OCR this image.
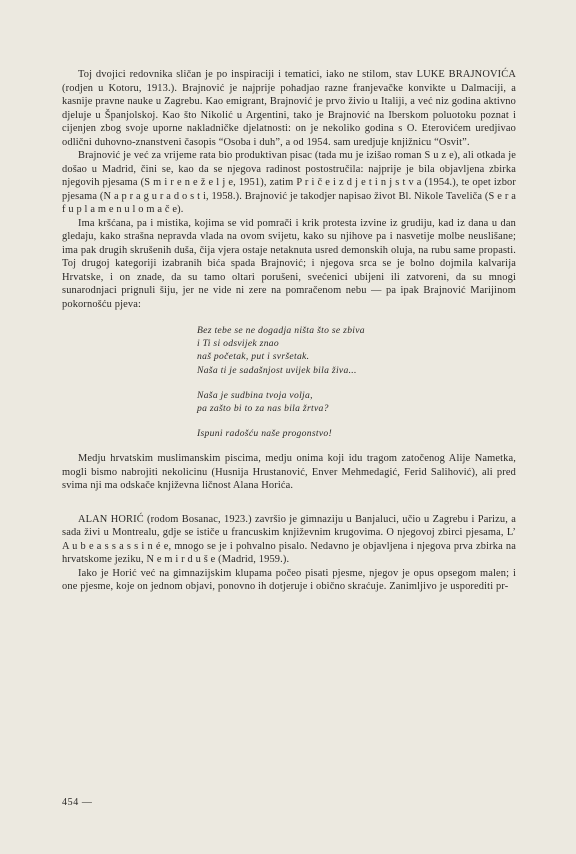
Toj dvojici redovnika sličan je po inspiraciji i tematici, iako ne stilom, stav LUKE BRAJNOVIĆA (rodjen u Kotoru, 1913.). Brajnović je najprije pohadjao razne franjevačke konvikte u Dalmaciji, a kasnije pravne nauke u Zagrebu. Kao emigrant, Brajnović je prvo živio u Italiji, a već niz godina aktivno djeluje u Španjolskoj. Kao što Nikolić u Argentini, tako je Brajnović na Iberskom poluotoku poznat i cijenjen zbog svoje uporne nakladničke djelatnosti: on je nekoliko godina s O. Eterovićem uredjivao odlični duhovno-znanstveni časopis “Osoba i duh”, a od 1954. sam uredjuje knjižnicu “Osvit”.

Brajnović je već za vrijeme rata bio produktivan pisac (tada mu je izišao roman S u z e), ali otkada je došao u Madrid, čini se, kao da se njegova radinost postostručila: najprije je bila objavljena zbirka njegovih pjesama (S m i r e n e ž e l j e, 1951), zatim P r i č e i z d j e t i n j s t v a (1954.), te opet izbor pjesama (N a p r a g u r a d o s t i, 1958.). Brajnović je takodjer napisao život Bl. Nikole Taveliča (S e r a f u p l a m e n u l o m a č e).

Ima kršćana, pa i mistika, kojima se vid pomrači i krik protesta izvine iz grudiju, kad iz dana u dan gledaju, kako strašna nepravda vlada na ovom svijetu, kako su njihove pa i nasvetije molbe neuslišane; ima pak drugih skrušenih duša, čija vjera ostaje netaknuta usred demonskih oluja, na rubu same propasti. Toj drugoj kategoriji izabranih bića spada Brajnović; i njegova srca se je bolno dojmila kalvarija Hrvatske, i on znade, da su tamo oltari porušeni, svećenici ubijeni ili zatvoreni, da su mnogi sunarodnjaci prignuli šiju, jer ne vide ni zere na pomračenom nebu — pa ipak Brajnović Marijinom pokornošću pjeva:

Bez tebe se ne dogadja ništa što se zbiva
i Ti si odsvijek znao
naš početak, put i svršetak.
Naša ti je sadašnjost uvijek bila živa...
Naša je sudbina tvoja volja,
pa zašto bi to za nas bila žrtva?
Ispuni radošću naše progonstvo!

Medju hrvatskim muslimanskim piscima, medju onima koji idu tragom zatočenog Alije Nametka, mogli bismo nabrojiti nekolicinu (Husnija Hrustanović, Enver Mehmedagić, Ferid Salihović), ali pred svima nji ma odskače književna ličnost Alana Horića.

ALAN HORIĆ (rodom Bosanac, 1923.) završio je gimnaziju u Banjaluci, učio u Zagrebu i Parizu, a sada živi u Montrealu, gdje se ističe u francuskim književnim krugovima. O njegovoj zbirci pjesama, L’ A u b e a s s a s s i n é e, mnogo se je i pohvalno pisalo. Nedavno je objavljena i njegova prva zbirka na hrvatskome jeziku, N e m i r d u š e (Madrid, 1959.).

Iako je Horić već na gimnazijskim klupama počeo pisati pjesme, njegov je opus opsegom malen; i one pjesme, koje on jednom objavi, ponovno ih dotjeruje i obično skraćuje. Zanimljivo je usporediti pr-

454 —
